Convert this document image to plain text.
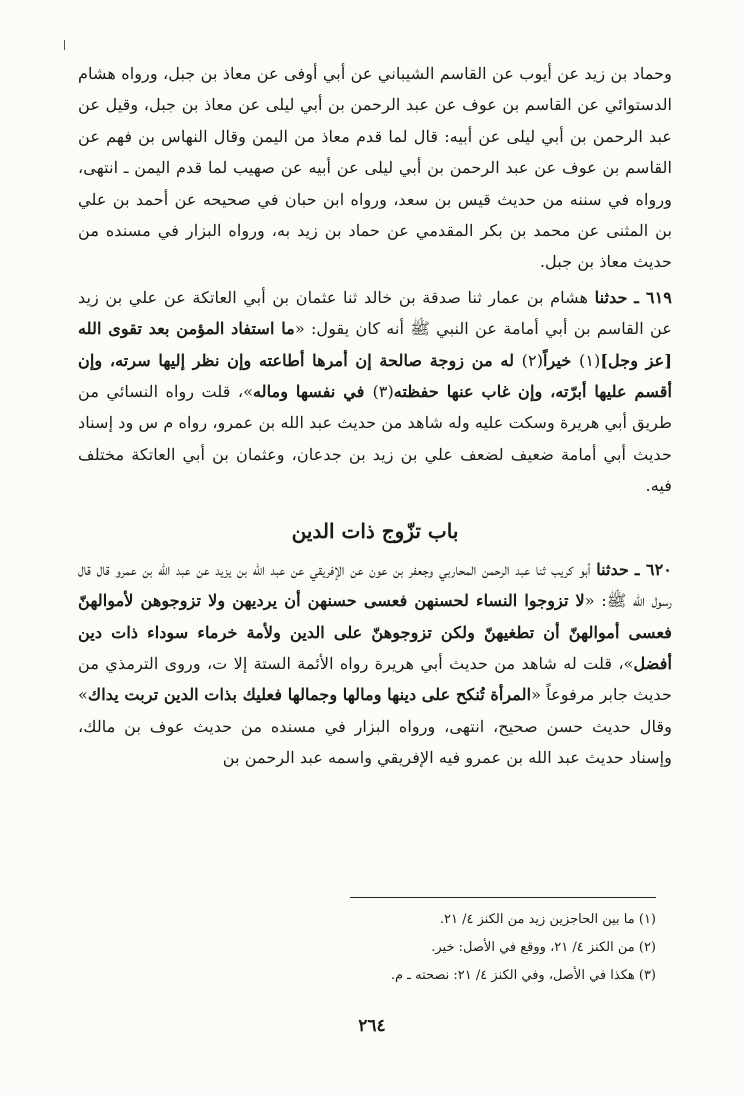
وحماد بن زيد عن أيوب عن القاسم الشيباني عن أبي أوفى عن معاذ بن جبل، ورواه هشام الدستوائي عن القاسم بن عوف عن عبد الرحمن بن أبي ليلى عن معاذ بن جبل، وقيل عن عبد الرحمن بن أبي ليلى عن أبيه: قال لما قدم معاذ من اليمن وقال النهاس بن فهم عن القاسم بن عوف عن عبد الرحمن بن أبي ليلى عن أبيه عن صهيب لما قدم اليمن ـ انتهى، ورواه في سننه من حديث قيس بن سعد، ورواه ابن حبان في صحيحه عن أحمد بن علي بن المثنى عن محمد بن بكر المقدمي عن حماد بن زيد به، ورواه البزار في مسنده من حديث معاذ بن جبل.

٦١٩ ـ حدثنا هشام بن عمار ثنا صدقة بن خالد ثنا عثمان بن أبي العاتكة عن علي بن زيد عن القاسم بن أبي أمامة عن النبي ﷺ أنه كان يقول: «ما استفاد المؤمن بعد تقوى الله [عز وجل](١) خيراً(٢) له من زوجة صالحة إن أمرها أطاعته وإن نظر إليها سرته، وإن أقسم عليها أبرّته، وإن غاب عنها حفظته(٣) في نفسها وماله»، قلت رواه النسائي من طريق أبي هريرة وسكت عليه وله شاهد من حديث عبد الله بن عمرو، رواه م س ود إسناد حديث أبي أمامة ضعيف لضعف علي بن زيد بن جدعان، وعثمان بن أبي العاتكة مختلف فيه.

باب تزّوج ذات الدين

٦٢٠ ـ حدثنا أبو كريب ثنا عبد الرحمن المحاربي وجعفر بن عون عن الإفريقي عن عبد الله بن يزيد عن عبد الله بن عمرو قال قال رسول الله ﷺ: «لا تزوجوا النساء لحسنهن فعسى حسنهن أن يرديهن ولا تزوجوهن لأموالهنّ فعسى أموالهنّ أن تطغيهنّ ولكن تزوجوهنّ على الدين ولأمة خرماء سوداء ذات دين أفضل»، قلت له شاهد من حديث أبي هريرة رواه الأئمة الستة إلا ت، وروى الترمذي من حديث جابر مرفوعاً «المرأة تُنكح على دينها ومالها وجمالها فعليك بذات الدين تربت يداك» وقال حديث حسن صحيح، انتهى، ورواه البزار في مسنده من حديث عوف بن مالك، وإسناد حديث عبد الله بن عمرو فيه الإفريقي واسمه عبد الرحمن بن

(١) ما بين الحاجزين زيد من الكنز ٤/ ٢١.
(٢) من الكنز ٤/ ٢١، ووقع في الأصل: خير.
(٣) هكذا في الأصل، وفي الكنز ٤/ ٢١: نصحته ـ م.
٢٦٤
